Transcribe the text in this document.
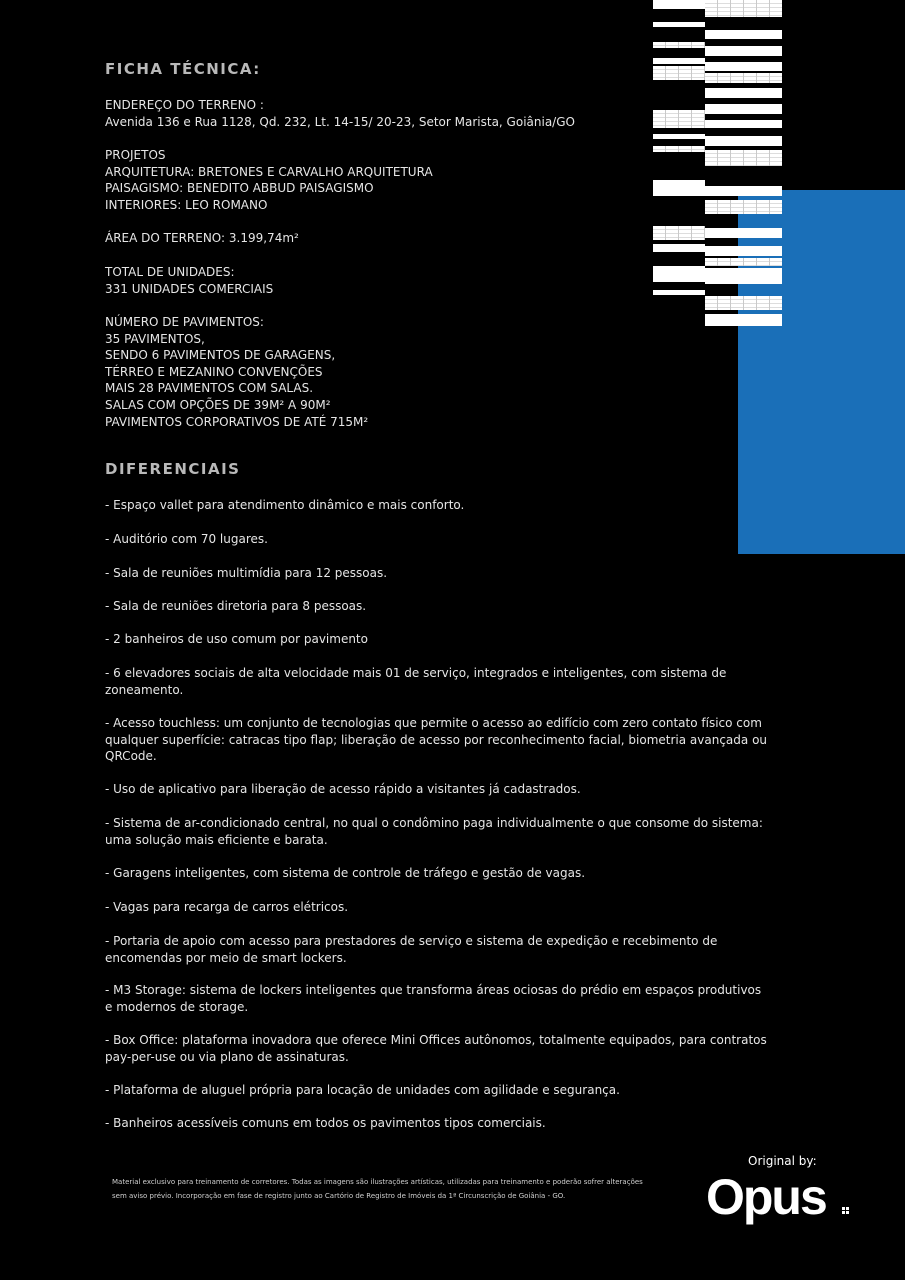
FICHA TÉCNICA:
ENDEREÇO DO TERRENO :
Avenida 136 e Rua 1128, Qd. 232, Lt. 14-15/ 20-23, Setor Marista, Goiânia/GO
PROJETOS
ARQUITETURA: BRETONES E CARVALHO ARQUITETURA
PAISAGISMO: BENEDITO ABBUD PAISAGISMO
INTERIORES: LEO ROMANO
ÁREA DO TERRENO: 3.199,74m²
TOTAL DE UNIDADES:
331 UNIDADES COMERCIAIS
NÚMERO DE PAVIMENTOS:
35 PAVIMENTOS,
SENDO 6 PAVIMENTOS DE GARAGENS,
TÉRREO E MEZANINO CONVENÇÕES
MAIS 28 PAVIMENTOS COM SALAS.
SALAS COM OPÇÕES DE 39M² A 90M²
PAVIMENTOS CORPORATIVOS DE ATÉ 715M²
DIFERENCIAIS
- Espaço vallet para atendimento dinâmico e mais conforto.
- Auditório com 70 lugares.
- Sala de reuniões multimídia para 12 pessoas.
- Sala de reuniões diretoria para 8 pessoas.
- 2 banheiros de uso comum por pavimento
- 6 elevadores sociais de alta velocidade mais 01 de serviço, integrados e inteligentes, com sistema de zoneamento.
- Acesso touchless: um conjunto de tecnologias que permite o acesso ao edifício com zero contato físico com qualquer superfície: catracas tipo flap; liberação de acesso por reconhecimento facial, biometria avançada ou QRCode.
- Uso de aplicativo para liberação de acesso rápido a visitantes já cadastrados.
- Sistema de ar-condicionado central, no qual o condômino paga individualmente o que consome do sistema: uma solução mais eficiente e barata.
- Garagens inteligentes, com sistema de controle de tráfego e gestão de vagas.
- Vagas para recarga de carros elétricos.
- Portaria de apoio com acesso para prestadores de serviço e sistema de expedição e recebimento de encomendas por meio de smart lockers.
- M3 Storage: sistema de lockers inteligentes que transforma áreas ociosas do prédio em espaços produtivos e modernos de storage.
- Box Office: plataforma inovadora que oferece Mini Offices autônomos, totalmente equipados, para contratos pay-per-use ou via plano de assinaturas.
- Plataforma de aluguel própria para locação de unidades com agilidade e segurança.
- Banheiros acessíveis comuns em todos os pavimentos tipos comerciais.
Material exclusivo para treinamento de corretores. Todas as imagens são ilustrações artísticas, utilizadas para treinamento e poderão sofrer alterações sem aviso prévio. Incorporação em fase de registro junto ao Cartório de Registro de Imóveis da 1ª Circunscrição de Goiânia - GO.
Original by:
Opus
